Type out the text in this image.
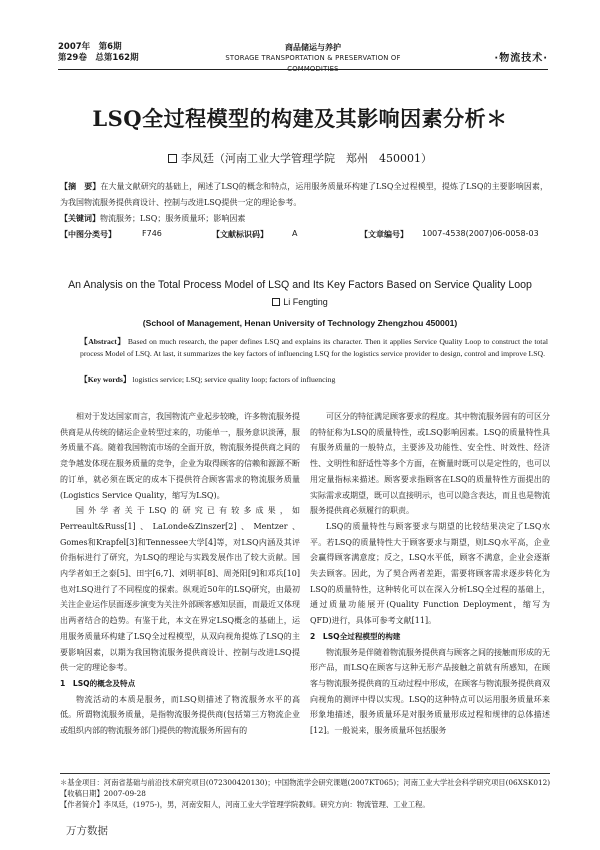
2007年　第6期
第29卷　总第162期
商品储运与养护
STORAGE TRANSPORTATION & PRESERVATION OF COMMODITIES
·物流技术·
LSQ全过程模型的构建及其影响因素分析＊
李凤廷（河南工业大学管理学院　郑州　450001）
【摘　要】在大量文献研究的基础上，阐述了LSQ的概念和特点，运用服务质量环构建了LSQ全过程模型，提炼了LSQ的主要影响因素，为我国物流服务提供商设计、控制与改进LSQ提供一定的理论参考。
【关键词】物流服务；LSQ；服务质量环；影响因素
【中图分类号】	F746	【文献标识码】	A	【文章编号】 1007-4538(2007)06-0058-03
An Analysis on the Total Process Model of LSQ and Its Key Factors Based on Service Quality Loop
Li Fengting
(School of Management, Henan University of Technology Zhengzhou 450001)
【Abstract】 Based on much research, the paper defines LSQ and explains its character. Then it applies Service Quality Loop to construct the total process Model of LSQ. At last, it summarizes the key factors of influencing LSQ for the logistics service provider to design, control and improve LSQ.
【Key words】 logistics service; LSQ; service quality loop; factors of influencing

相对于发达国家而言，我国物流产业起步较晚，许多物流服务提供商是从传统的储运企业转型过来的，功能单一，服务意识淡薄，服务质量不高。随着我国物流市场的全面开放，物流服务提供商之间的竞争越发体现在服务质量的竞争，企业为取得顾客的信赖和源源不断的订单，就必须在既定的成本下提供符合顾客需求的物流服务质量(Logistics Service Quality，缩写为LSQ)。

国外学者关于LSQ的研究已有较多成果，如Perreault&Russ[1]、LaLonde&Zinszer[2]、Mentzer、Gomes和Krapfel[3]和Tennessee大学[4]等，对LSQ内涵及其评价指标进行了研究，为LSQ的理论与实践发展作出了较大贡献。国内学者如王之泰[5]、田宇[6,7]、刘明菲[8]、周尧阳[9]和邓兵[10]也对LSQ进行了不同程度的探索。纵观近50年的LSQ研究，由最初关注企业运作层面逐步演变为关注外部顾客感知层面，而最近又体现出两者结合的趋势。有鉴于此，本文在界定LSQ概念的基础上，运用服务质量环构建了LSQ全过程模型，从双向视角提炼了LSQ的主要影响因素，以期为我国物流服务提供商设计、控制与改进LSQ提供一定的理论参考。

1　LSQ的概念及特点

物流活动的本质是服务，而LSQ则描述了物流服务水平的高低。所谓物流服务质量，是指物流服务提供商(包括第三方物流企业或组织内部的物流服务部门)提供的物流服务所固有的

可区分的特征满足顾客要求的程度。其中物流服务固有的可区分的特征称为LSQ的质量特性，或LSQ影响因素。LSQ的质量特性具有服务质量的一般特点，主要涉及功能性、安全性、时效性、经济性、文明性和舒适性等多个方面，在衡量时既可以是定性的，也可以用定量指标来描述。顾客要求指顾客在LSQ的质量特性方面提出的实际需求或期望，既可以直接明示，也可以隐含表达，而且也是物流服务提供商必须履行的职责。

LSQ的质量特性与顾客要求与期望的比较结果决定了LSQ水平。若LSQ的质量特性大于顾客要求与期望，则LSQ水平高，企业会赢得顾客满意度；反之，LSQ水平低，顾客不满意，企业会逐渐失去顾客。因此，为了契合两者差距，需要将顾客需求逐步转化为LSQ的质量特性，这种转化可以在深入分析LSQ全过程的基础上，通过质量功能展开(Quality Function Deployment，缩写为QFD)进行，具体可参考文献[11]。

2　LSQ全过程模型的构建

物流服务是伴随着物流服务提供商与顾客之间的接触而形成的无形产品，而LSQ在顾客与这种无形产品接触之前就有所感知，在顾客与物流服务提供商的互动过程中形成，在顾客与物流服务提供商双向视角的测评中得以实现。LSQ的这种特点可以运用服务质量环来形象地描述，服务质量环是对服务质量形成过程和规律的总体描述[12]。一般说来，服务质量环包括服务

＊基金项目：河南省基础与前沿技术研究项目(072300420130)；中国物流学会研究课题(2007KT065)；河南工业大学社会科学研究项目(06XSK012)
【收稿日期】2007-09-28
【作者简介】李凤廷，(1975-)，男，河南安阳人，河南工业大学管理学院教师。研究方向：物流管理、工业工程。
万方数据
